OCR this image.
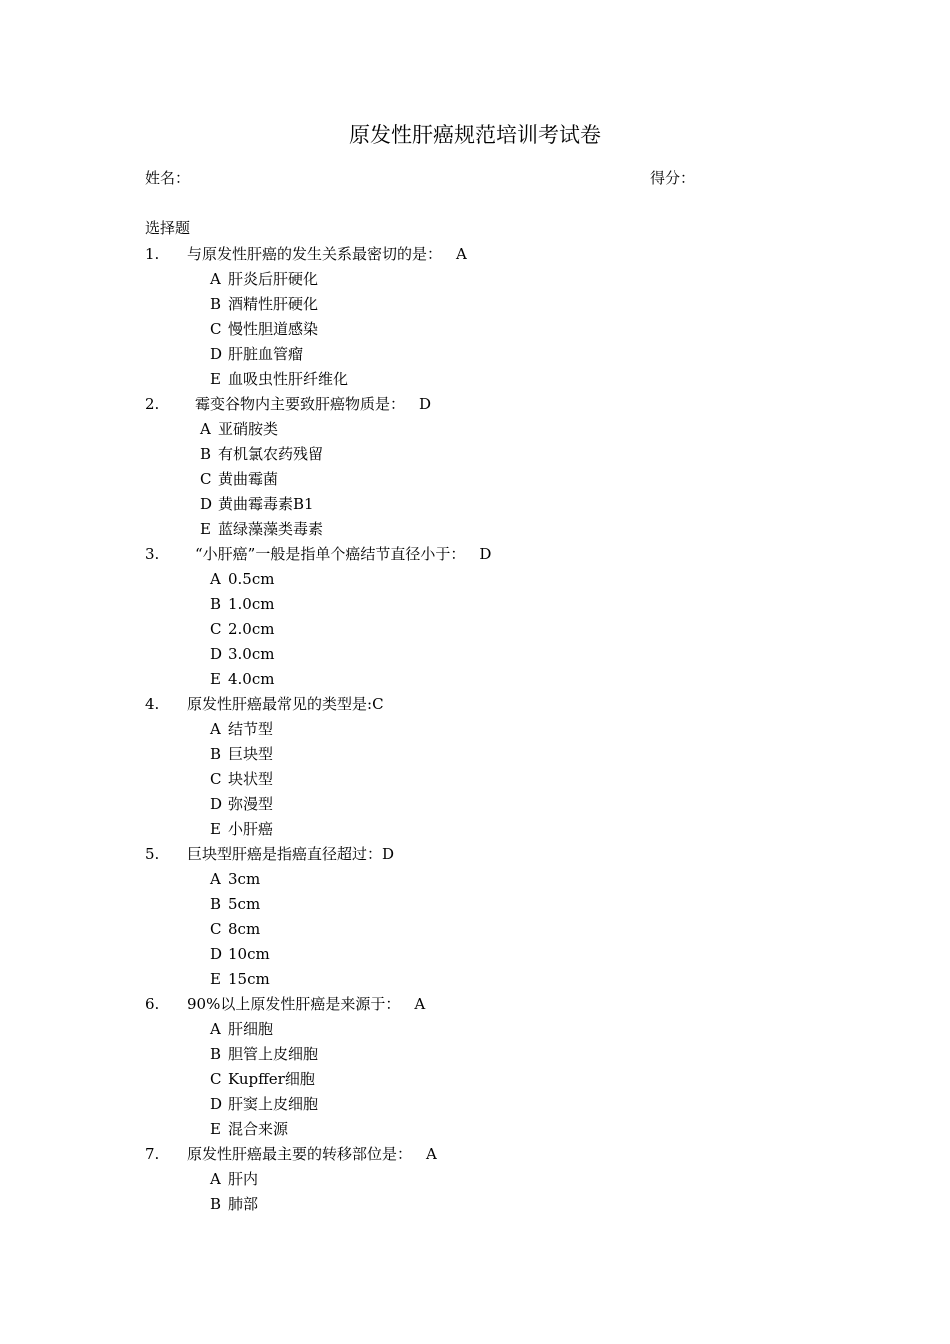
原发性肝癌规范培训考试卷
姓名：	得分：
选择题
1. 与原发性肝癌的发生关系最密切的是： A
A 肝炎后肝硬化
B 酒精性肝硬化
C 慢性胆道感染
D 肝脏血管瘤
E 血吸虫性肝纤维化
2. 霉变谷物内主要致肝癌物质是： D
A 亚硝胺类
B 有机氯农药残留
C 黄曲霉菌
D 黄曲霉毒素B1
E 蓝绿藻藻类毒素
3. “小肝癌”一般是指单个癌结节直径小于： D
A 0.5cm
B 1.0cm
C 2.0cm
D 3.0cm
E 4.0cm
4. 原发性肝癌最常见的类型是:C
A 结节型
B 巨块型
C 块状型
D 弥漫型
E 小肝癌
5. 巨块型肝癌是指癌直径超过：D
A 3cm
B 5cm
C 8cm
D 10cm
E 15cm
6. 90%以上原发性肝癌是来源于： A
A 肝细胞
B 胆管上皮细胞
C Kupffer细胞
D 肝窦上皮细胞
E 混合来源
7. 原发性肝癌最主要的转移部位是： A
A 肝内
B 肺部
